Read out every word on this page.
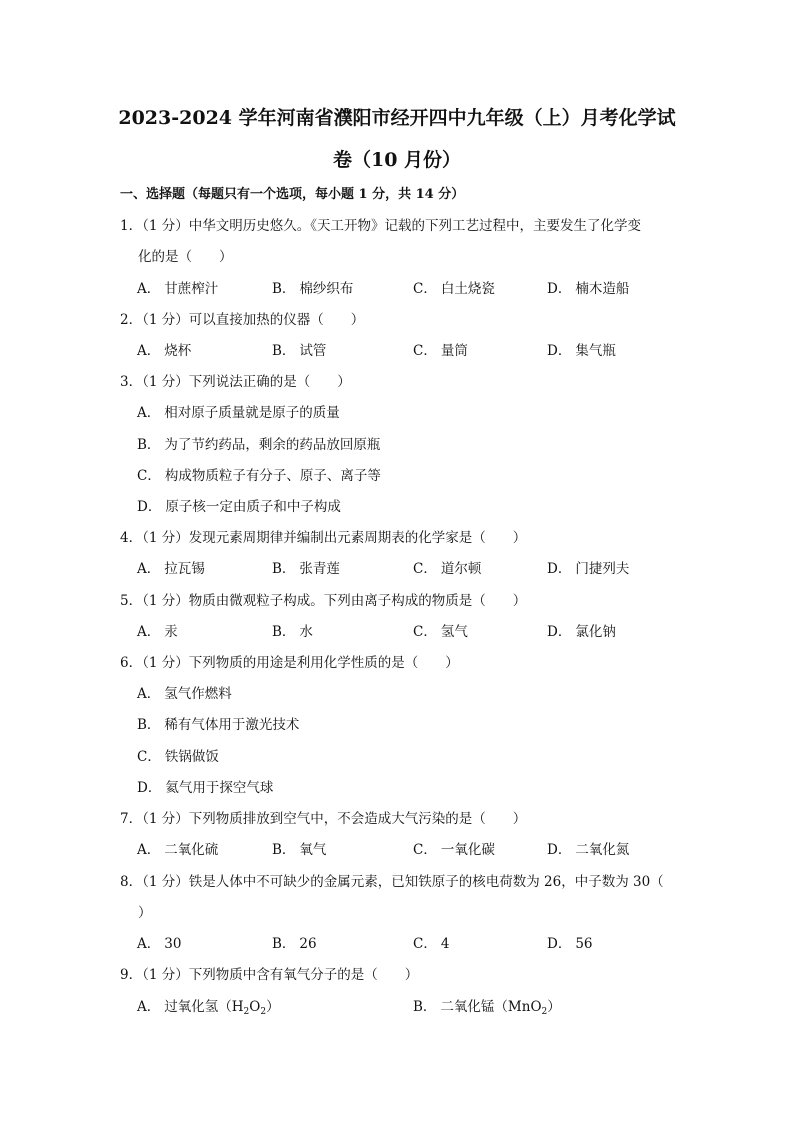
2023-2024 学年河南省濮阳市经开四中九年级（上）月考化学试
卷（10 月份）
一、选择题（每题只有一个选项，每小题 1 分，共 14 分）
1．（1 分）中华文明历史悠久。《天工开物》记载的下列工艺过程中，主要发生了化学变
化的是（　　）
A． 甘蔗榨汁	B． 棉纱织布	C． 白土烧瓷	D． 楠木造船
2．（1 分）可以直接加热的仪器（　　）
A． 烧杯	B． 试管	C． 量筒	D． 集气瓶
3．（1 分）下列说法正确的是（　　）
A． 相对原子质量就是原子的质量
B． 为了节约药品，剩余的药品放回原瓶
C． 构成物质粒子有分子、原子、离子等
D． 原子核一定由质子和中子构成
4．（1 分）发现元素周期律并编制出元素周期表的化学家是（　　）
A． 拉瓦锡	B． 张青莲	C． 道尔顿	D． 门捷列夫
5．（1 分）物质由微观粒子构成。下列由离子构成的物质是（　　）
A． 汞	B． 水	C． 氢气	D． 氯化钠
6．（1 分）下列物质的用途是利用化学性质的是（　　）
A． 氢气作燃料
B． 稀有气体用于激光技术
C． 铁锅做饭
D． 氦气用于探空气球
7．（1 分）下列物质排放到空气中，不会造成大气污染的是（　　）
A． 二氧化硫	B． 氧气	C． 一氧化碳	D． 二氧化氮
8．（1 分）铁是人体中不可缺少的金属元素，已知铁原子的核电荷数为 26，中子数为 30（
）
A． 30	B． 26	C． 4	D． 56
9．（1 分）下列物质中含有氧气分子的是（　　）
A． 过氧化氢$(H_2O_2)$	B． 二氧化锰（MnO$_2$）
